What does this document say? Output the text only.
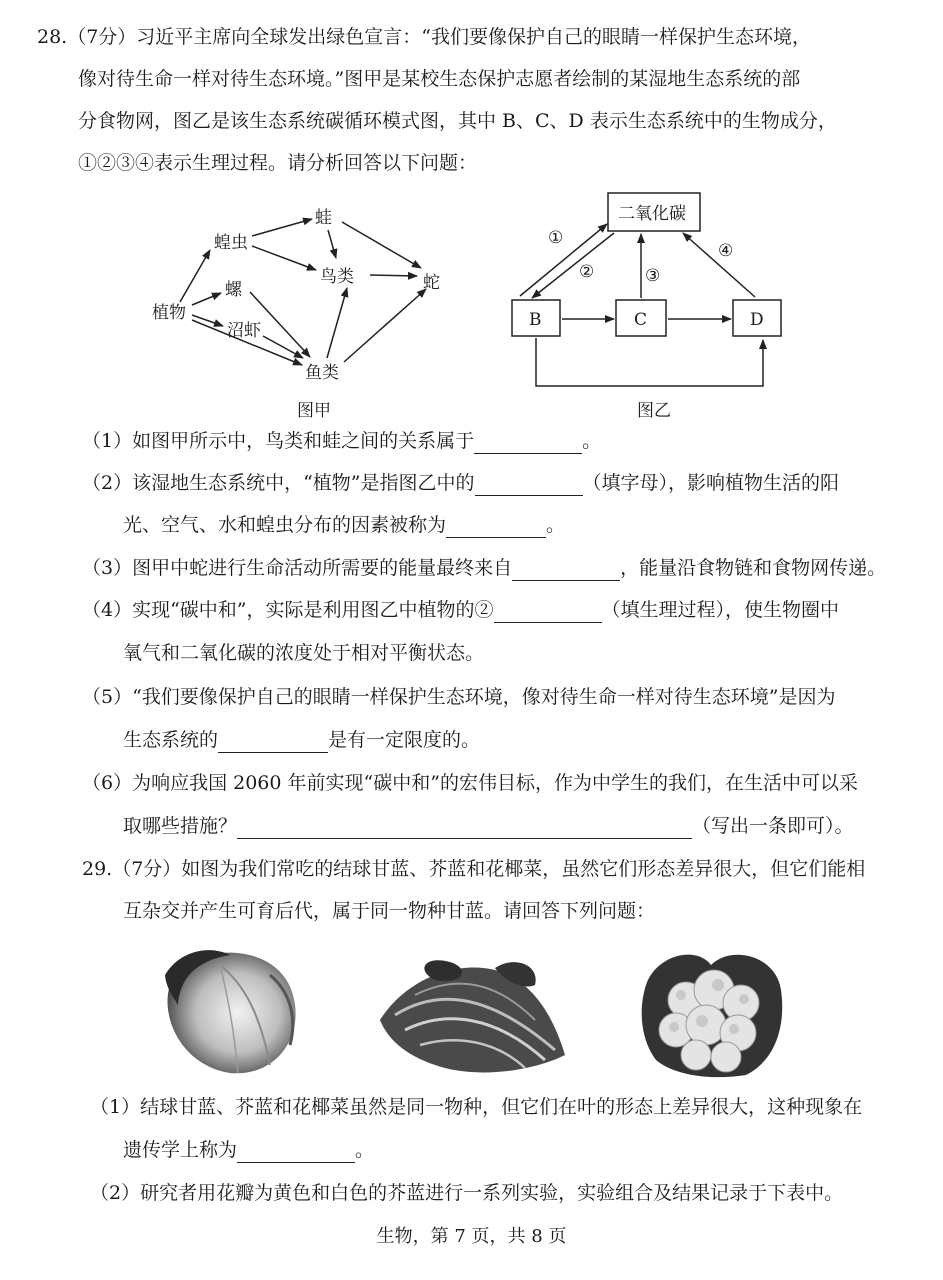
28.（7分）习近平主席向全球发出绿色宣言：“我们要像保护自己的眼睛一样保护生态环境，
像对待生命一样对待生态环境。”图甲是某校生态保护志愿者绘制的某湿地生态系统的部
分食物网，图乙是该生态系统碳循环模式图，其中 B、C、D 表示生态系统中的生物成分，
①②③④表示生理过程。请分析回答以下问题：
植物
蝗虫
螺
沼虾
蛙
鸟类
鱼类
蛇
图甲
二氧化碳
B	C	D
①
②	③
④
图乙
（1）如图甲所示中，鸟类和蛙之间的关系属于	。
（2）该湿地生态系统中，“植物”是指图乙中的	（填字母），影响植物生活的阳
光、空气、水和蝗虫分布的因素被称为	。
（3）图甲中蛇进行生命活动所需要的能量最终来自	，能量沿食物链和食物网传递。
（4）实现“碳中和”，实际是利用图乙中植物的②	（填生理过程），使生物圈中
氧气和二氧化碳的浓度处于相对平衡状态。
（5）“我们要像保护自己的眼睛一样保护生态环境，像对待生命一样对待生态环境”是因为
生态系统的	是有一定限度的。
（6）为响应我国 2060 年前实现“碳中和”的宏伟目标，作为中学生的我们，在生活中可以采
取哪些措施？	（写出一条即可）。
29.（7分）如图为我们常吃的结球甘蓝、芥蓝和花椰菜，虽然它们形态差异很大，但它们能相
互杂交并产生可育后代，属于同一物种甘蓝。请回答下列问题：
（1）结球甘蓝、芥蓝和花椰菜虽然是同一物种，但它们在叶的形态上差异很大，这种现象在
遗传学上称为	。
（2）研究者用花瓣为黄色和白色的芥蓝进行一系列实验，实验组合及结果记录于下表中。
生物，第 7 页，共 8 页
